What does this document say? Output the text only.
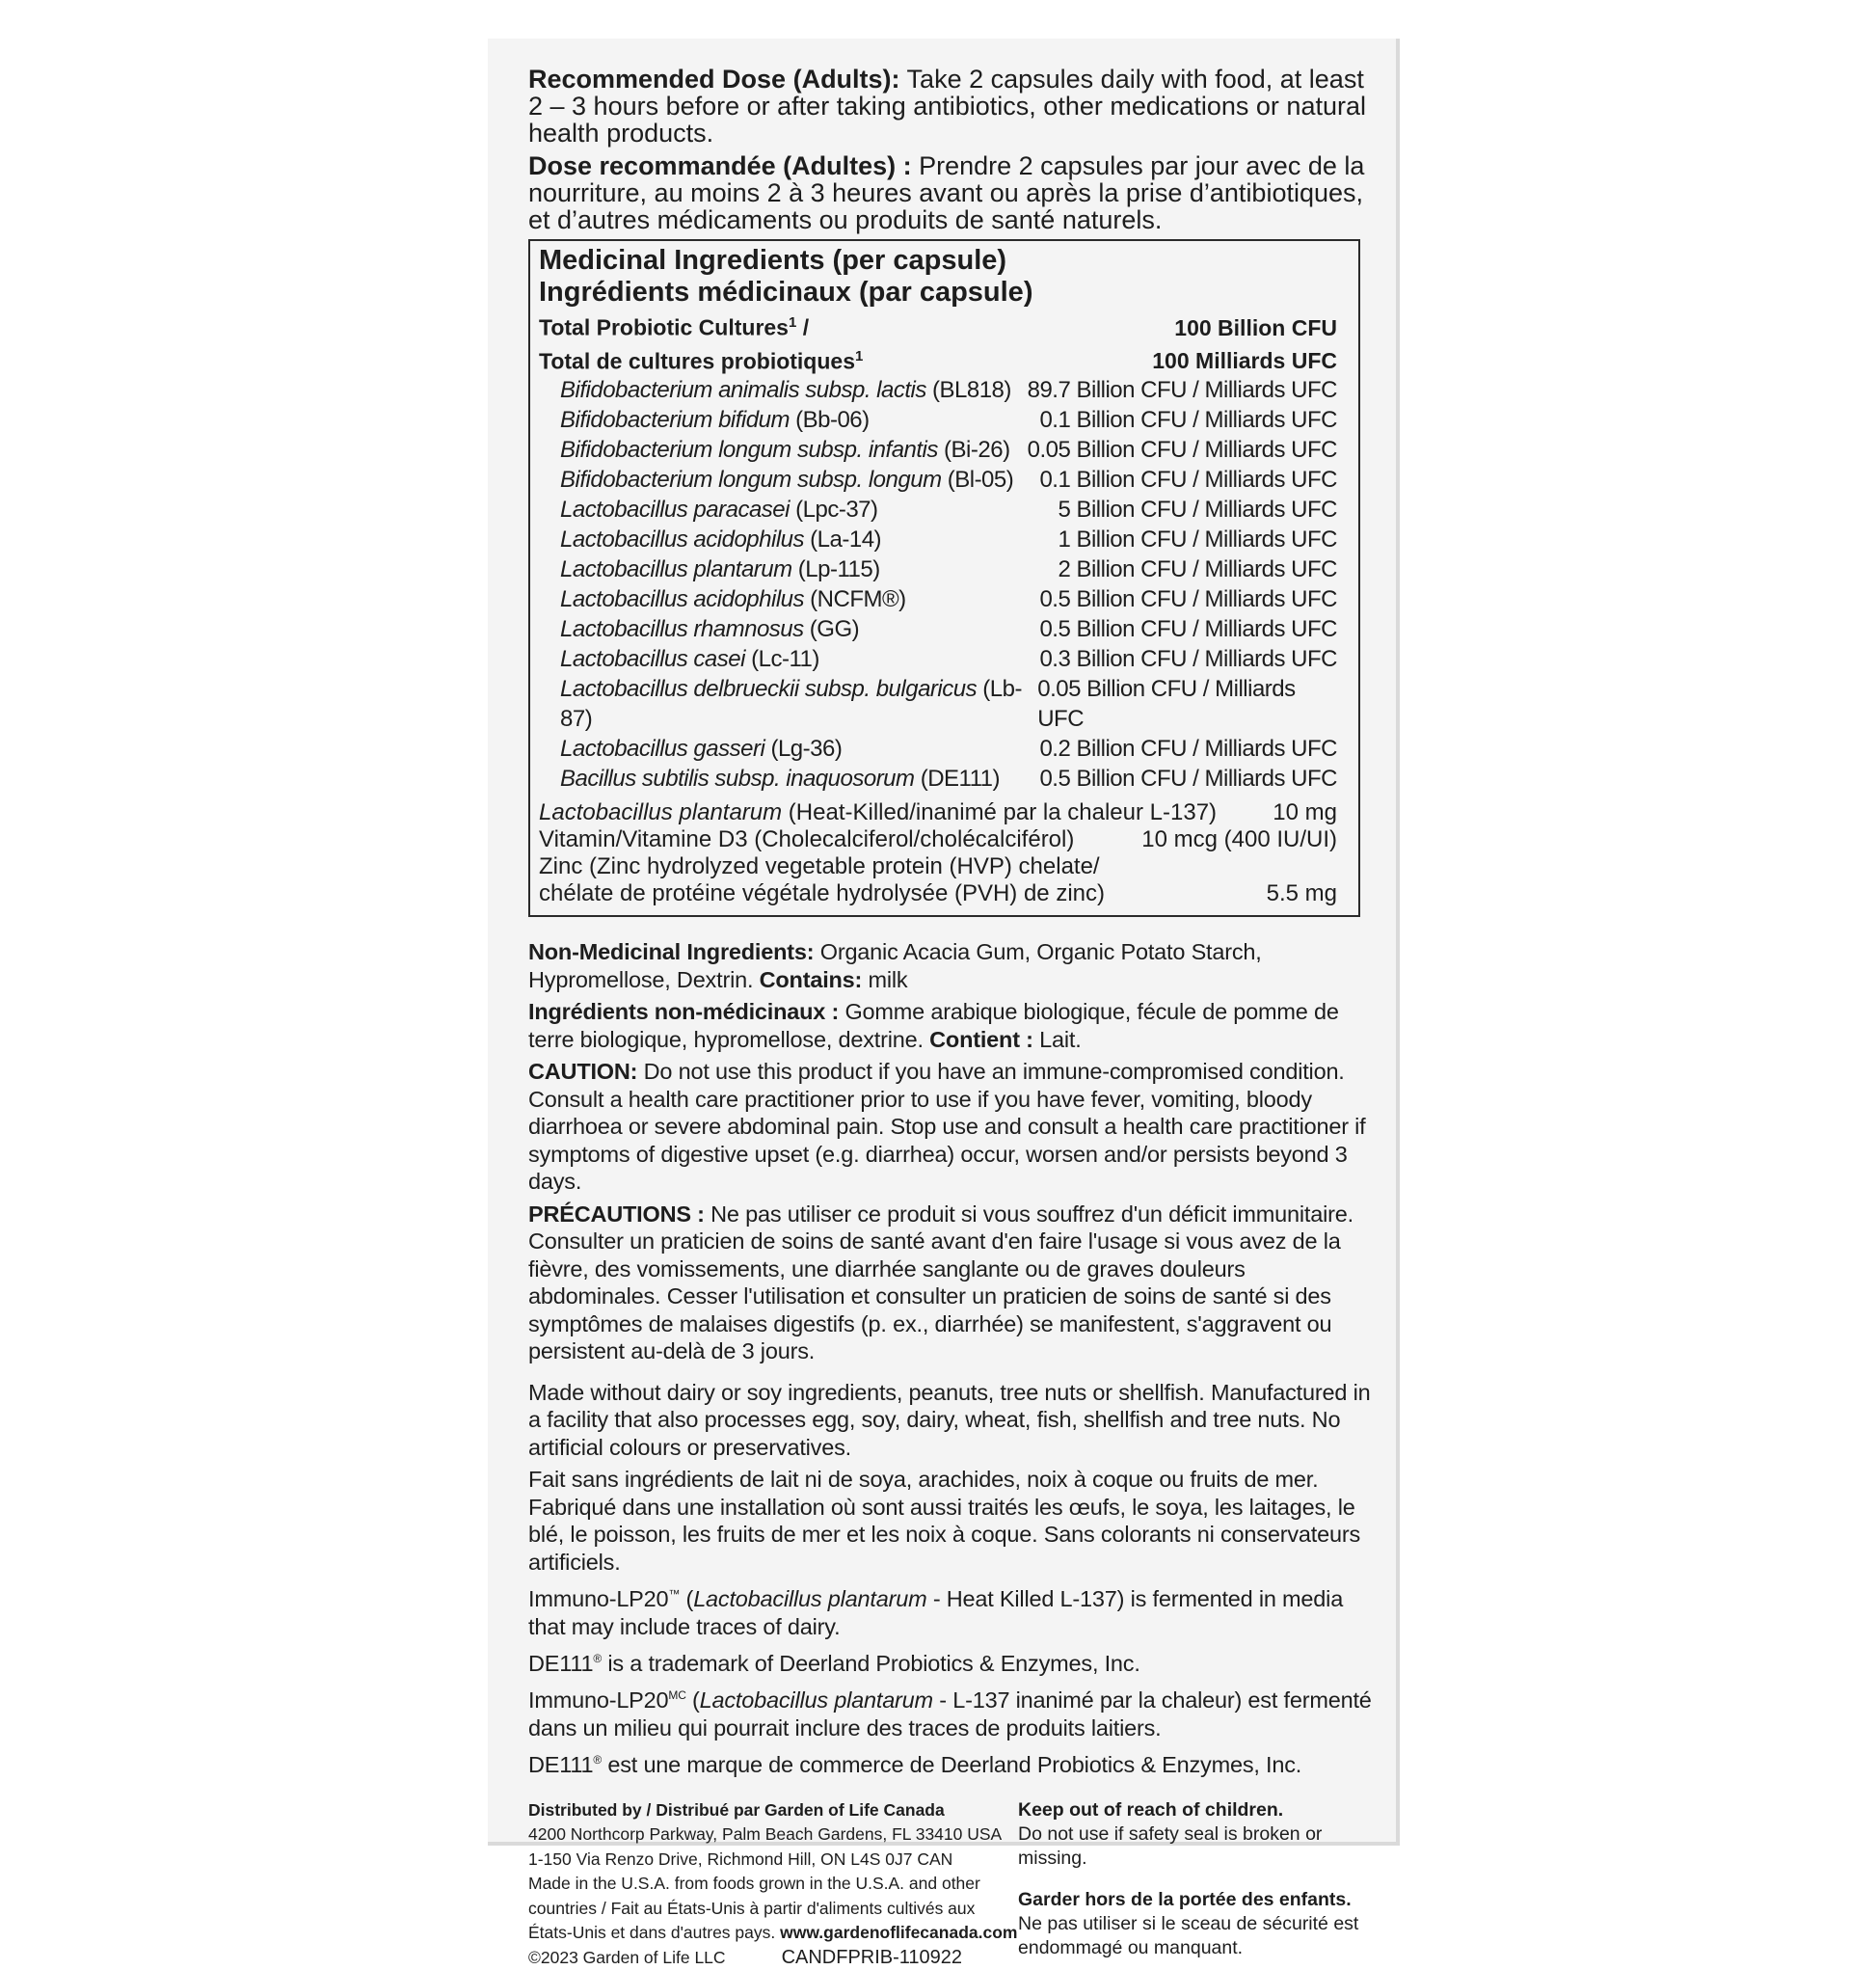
Recommended Dose (Adults): Take 2 capsules daily with food, at least 2 – 3 hours before or after taking antibiotics, other medications or natural health products.

Dose recommandée (Adultes) : Prendre 2 capsules par jour avec de la nourriture, au moins 2 à 3 heures avant ou après la prise d’antibiotiques, et d’autres médicaments ou produits de santé naturels.

Medicinal Ingredients (per capsule)
Ingrédients médicinaux (par capsule)
Total Probiotic Cultures$^1$ /	100 Billion CFU
Total de cultures probiotiques$^1$	100 Milliards UFC
Bifidobacterium animalis subsp. lactis (BL818) 89.7 Billion CFU / Milliards UFC
Bifidobacterium bifidum (Bb-06)	0.1 Billion CFU / Milliards UFC
Bifidobacterium longum subsp. infantis (Bi-26) 0.05 Billion CFU / Milliards UFC
Bifidobacterium longum subsp. longum (Bl-05) 0.1 Billion CFU / Milliards UFC
Lactobacillus paracasei (Lpc-37)	5 Billion CFU / Milliards UFC
Lactobacillus acidophilus (La-14)	1 Billion CFU / Milliards UFC
Lactobacillus plantarum (Lp-115)	2 Billion CFU / Milliards UFC
Lactobacillus acidophilus (NCFM®)	0.5 Billion CFU / Milliards UFC
Lactobacillus rhamnosus (GG)	0.5 Billion CFU / Milliards UFC
Lactobacillus casei (Lc-11)	0.3 Billion CFU / Milliards UFC
Lactobacillus delbrueckii subsp. bulgaricus (Lb-87)
0.05 Billion CFU / Milliards UFC
Lactobacillus gasseri (Lg-36)	0.2 Billion CFU / Milliards UFC
Bacillus subtilis subsp. inaquosorum (DE111) 0.5 Billion CFU / Milliards UFC
Lactobacillus plantarum (Heat-Killed/inanimé par la chaleur L-137) 10 mg
Vitamin/Vitamine D3 (Cholecalciferol/cholécalciférol)	10 mcg (400 IU/UI)
Zinc (Zinc hydrolyzed vegetable protein (HVP) chelate/
chélate de protéine végétale hydrolysée (PVH) de zinc)	5.5 mg

Non-Medicinal Ingredients: Organic Acacia Gum, Organic Potato Starch, Hypromellose, Dextrin. Contains: milk

Ingrédients non-médicinaux : Gomme arabique biologique, fécule de pomme de terre biologique, hypromellose, dextrine. Contient : Lait.

CAUTION: Do not use this product if you have an immune-compromised condition. Consult a health care practitioner prior to use if you have fever, vomiting, bloody diarrhoea or severe abdominal pain. Stop use and consult a health care practitioner if symptoms of digestive upset (e.g. diarrhea) occur, worsen and/or persists beyond 3 days.

PRÉCAUTIONS : Ne pas utiliser ce produit si vous souffrez d'un déficit immunitaire. Consulter un praticien de soins de santé avant d'en faire l'usage si vous avez de la fièvre, des vomissements, une diarrhée sanglante ou de graves douleurs abdominales. Cesser l'utilisation et consulter un praticien de soins de santé si des symptômes de malaises digestifs (p. ex., diarrhée) se manifestent, s'aggravent ou persistent au-delà de 3 jours.

Made without dairy or soy ingredients, peanuts, tree nuts or shellfish. Manufactured in a facility that also processes egg, soy, dairy, wheat, fish, shellfish and tree nuts. No artificial colours or preservatives.

Fait sans ingrédients de lait ni de soya, arachides, noix à coque ou fruits de mer. Fabriqué dans une installation où sont aussi traités les œufs, le soya, les laitages, le blé, le poisson, les fruits de mer et les noix à coque. Sans colorants ni conservateurs artificiels.

Immuno-LP20™ (Lactobacillus plantarum - Heat Killed L-137) is fermented in media that may include traces of dairy.

DE111® is a trademark of Deerland Probiotics & Enzymes, Inc.

Immuno-$LP20^{MC}$ (Lactobacillus plantarum - L-137 inanimé par la chaleur) est fermenté dans un milieu qui pourrait inclure des traces de produits laitiers.

DE111® est une marque de commerce de Deerland Probiotics & Enzymes, Inc.

Distributed by / Distribué par Garden of Life Canada
4200 Northcorp Parkway, Palm Beach Gardens, FL 33410 USA
1-150 Via Renzo Drive, Richmond Hill, ON L4S 0J7 CAN
Made in the U.S.A. from foods grown in the U.S.A. and other countries / Fait au États-Unis à partir d'aliments cultivés aux États-Unis et dans d'autres pays. www.gardenoflifecanada.com
©2023 Garden of Life LLC	CANDFPRIB-110922
Keep out of reach of children.
Do not use if safety seal is broken or missing.
Garder hors de la portée des enfants.
Ne pas utiliser si le sceau de sécurité est endommagé ou manquant.
